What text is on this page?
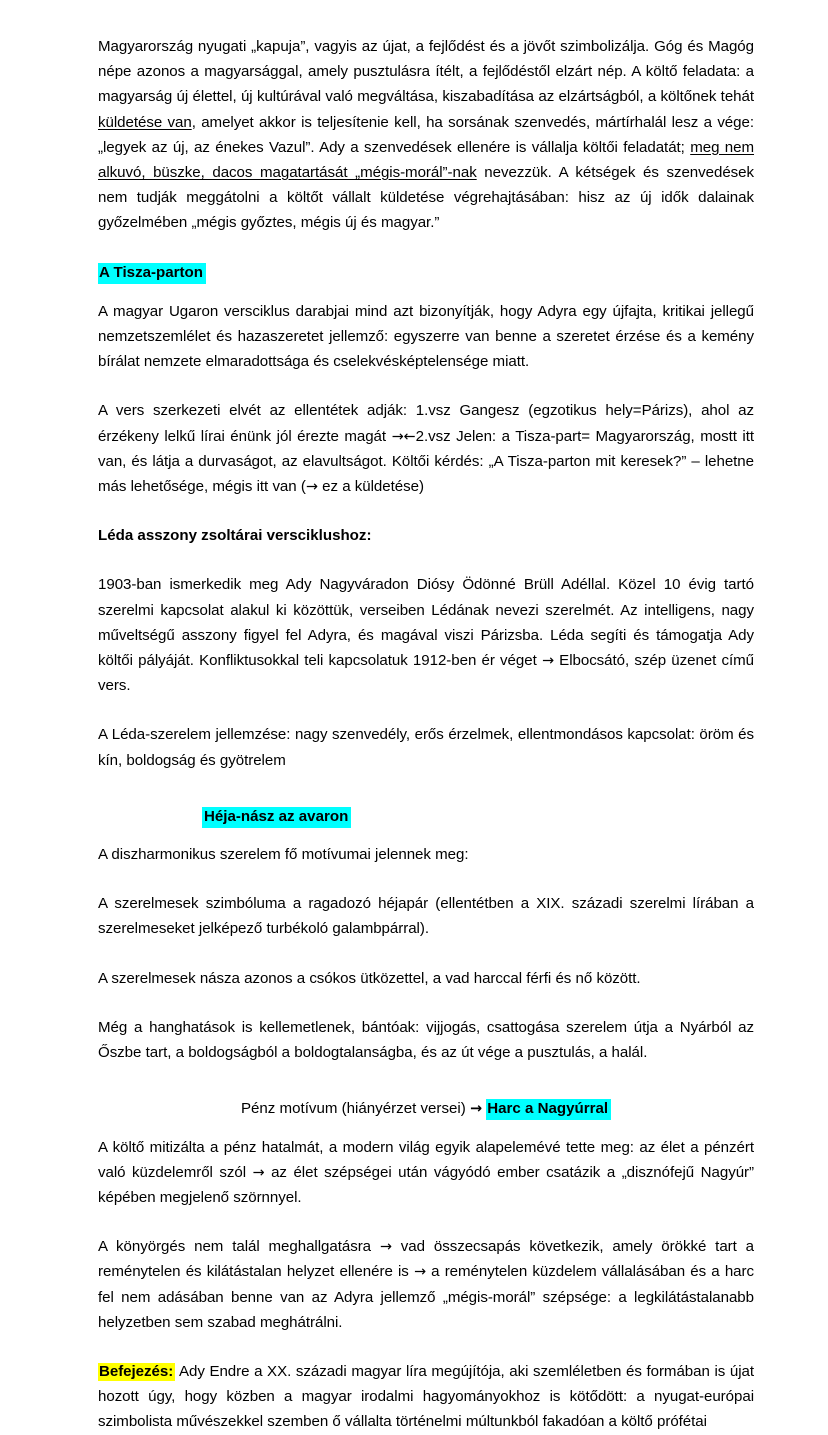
Magyarország nyugati „kapuja”, vagyis az újat, a fejlődést és a jövőt szimbolizálja. Góg és Magóg népe azonos a magyarsággal, amely pusztulásra ítélt, a fejlődéstől elzárt nép. A költő feladata: a magyarság új élettel, új kultúrával való megváltása, kiszabadítása az elzártságból, a költőnek tehát küldetése van, amelyet akkor is teljesítenie kell, ha sorsának szenvedés, mártírhalál lesz a vége: „legyek az új, az énekes Vazul”. Ady a szenvedések ellenére is vállalja költői feladatát; meg nem alkuvó, büszke, dacos magatartását „mégis-morál”-nak nevezzük. A kétségek és szenvedések nem tudják meggátolni a költőt vállalt küldetése végrehajtásában: hisz az új idők dalainak győzelmében „mégis győztes, mégis új és magyar.”

A Tisza-parton

A magyar Ugaron versciklus darabjai mind azt bizonyítják, hogy Adyra egy újfajta, kritikai jellegű nemzetszemlélet és hazaszeretet jellemző: egyszerre van benne a szeretet érzése és a kemény bírálat nemzete elmaradottsága és cselekvésképtelensége miatt.

A vers szerkezeti elvét az ellentétek adják: 1.vsz Gangesz (egzotikus hely=Párizs), ahol az érzékeny lelkű lírai énünk jól érezte magát →←2.vsz Jelen: a Tisza-part= Magyarország, mostt itt van, és látja a durvaságot, az elavultságot. Költői kérdés: „A Tisza-parton mit keresek?” – lehetne más lehetősége, mégis itt van (→ ez a küldetése)

Léda asszony zsoltárai versciklushoz:

1903-ban ismerkedik meg Ady Nagyváradon Diósy Ödönné Brüll Adéllal. Közel 10 évig tartó szerelmi kapcsolat alakul ki közöttük, verseiben Lédának nevezi szerelmét. Az intelligens, nagy műveltségű asszony figyel fel Adyra, és magával viszi Párizsba. Léda segíti és támogatja Ady költői pályáját. Konfliktusokkal teli kapcsolatuk 1912-ben ér véget → Elbocsátó, szép üzenet című vers.

A Léda-szerelem jellemzése: nagy szenvedély, erős érzelmek, ellentmondásos kapcsolat: öröm és kín, boldogság és gyötrelem

Héja-nász az avaron

A diszharmonikus szerelem fő motívumai jelennek meg:

A szerelmesek szimbóluma a ragadozó héjapár (ellentétben a XIX. századi szerelmi lírában a szerelmeseket jelképező turbékoló galambpárral).

A szerelmesek násza azonos a csókos ütközettel, a vad harccal férfi és nő között.

Még a hanghatások is kellemetlenek, bántóak: vijjogás, csattogása szerelem útja a Nyárból az Őszbe tart, a boldogságból a boldogtalanságba, és az út vége a pusztulás, a halál.

Pénz motívum (hiányérzet versei) → Harc a Nagyúrral

A költő mitizálta a pénz hatalmát, a modern világ egyik alapelemévé tette meg: az élet a pénzért való küzdelemről szól → az élet szépségei után vágyódó ember csatázik a „disznófejű Nagyúr” képében megjelenő szörnnyel.

A könyörgés nem talál meghallgatásra → vad összecsapás következik, amely örökké tart a reménytelen és kilátástalan helyzet ellenére is → a reménytelen küzdelem vállalásában és a harc fel nem adásában benne van az Adyra jellemző „mégis-morál” szépsége: a legkilátástalanabb helyzetben sem szabad meghátrálni.

Befejezés: Ady Endre a XX. századi magyar líra megújítója, aki szemléletben és formában is újat hozott úgy, hogy közben a magyar irodalmi hagyományokhoz is kötődött: a nyugat-európai szimbolista művészekkel szemben ő vállalta történelmi múltunkból fakadóan a költő prófétai
